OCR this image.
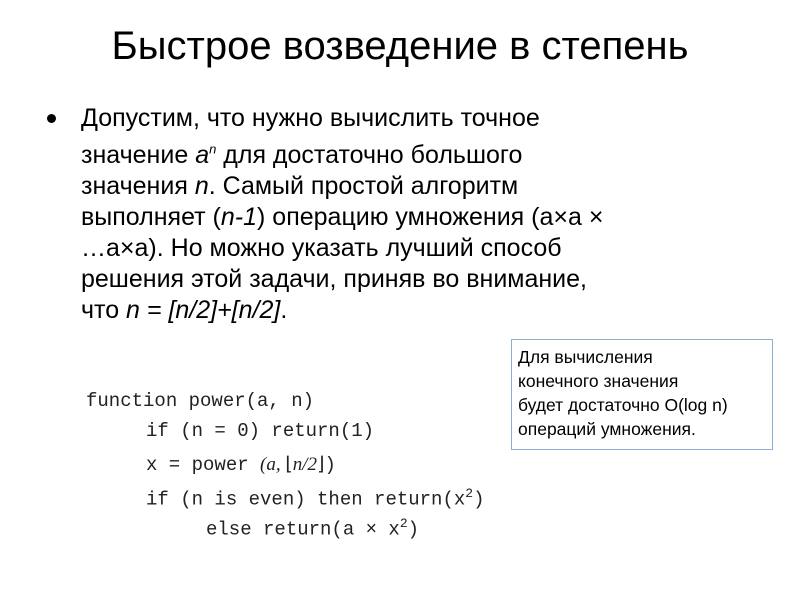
Быстрое возведение в степень
Допустим, что нужно вычислить точное
значение $a^n$ для достаточно большого
значения n. Самый простой алгоритм
выполняет (n-1) операцию умножения (a×a ×
…a×a). Но можно указать лучший способ
решения этой задачи, приняв во внимание,
что n = [n/2]+[n/2].
Для вычисления
конечного значения
будет достаточно O(log n)
операций умножения.
function power(a, n)
if (n = 0) return(1)
x = power (a, ⌊n/2⌋)
if (n is even) then $return(x^2)$
else return(a × $x^2$)
